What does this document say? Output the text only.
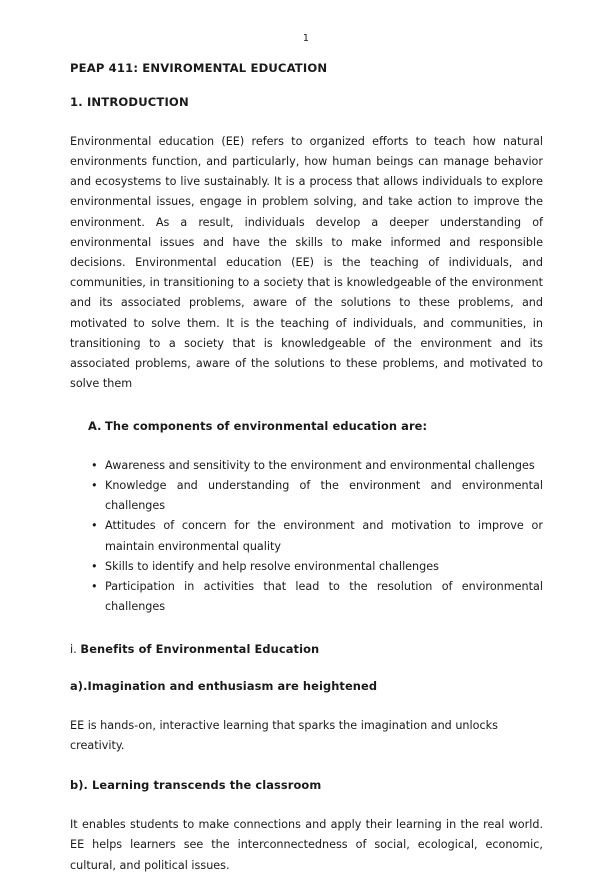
1
PEAP 411: ENVIROMENTAL EDUCATION
1. INTRODUCTION

Environmental education (EE) refers to organized efforts to teach how natural environments function, and particularly, how human beings can manage behavior and ecosystems to live sustainably. It is a process that allows individuals to explore environmental issues, engage in problem solving, and take action to improve the environment. As a result, individuals develop a deeper understanding of environmental issues and have the skills to make informed and responsible decisions. Environmental education (EE) is the teaching of individuals, and communities, in transitioning to a society that is knowledgeable of the environment and its associated problems, aware of the solutions to these problems, and motivated to solve them. It is the teaching of individuals, and communities, in transitioning to a society that is knowledgeable of the environment and its associated problems, aware of the solutions to these problems, and motivated to solve them

A. The components of environmental education are:
• Awareness and sensitivity to the environment and environmental challenges
• Knowledge and understanding of the environment and environmental challenges
• Attitudes of concern for the environment and motivation to improve or maintain environmental quality
• Skills to identify and help resolve environmental challenges
• Participation in activities that lead to the resolution of environmental challenges

i. Benefits of Environmental Education

a).Imagination and enthusiasm are heightened

EE is hands-on, interactive learning that sparks the imagination and unlocks creativity.

b). Learning transcends the classroom

It enables students to make connections and apply their learning in the real world. EE helps learners see the interconnectedness of social, ecological, economic, cultural, and political issues.
